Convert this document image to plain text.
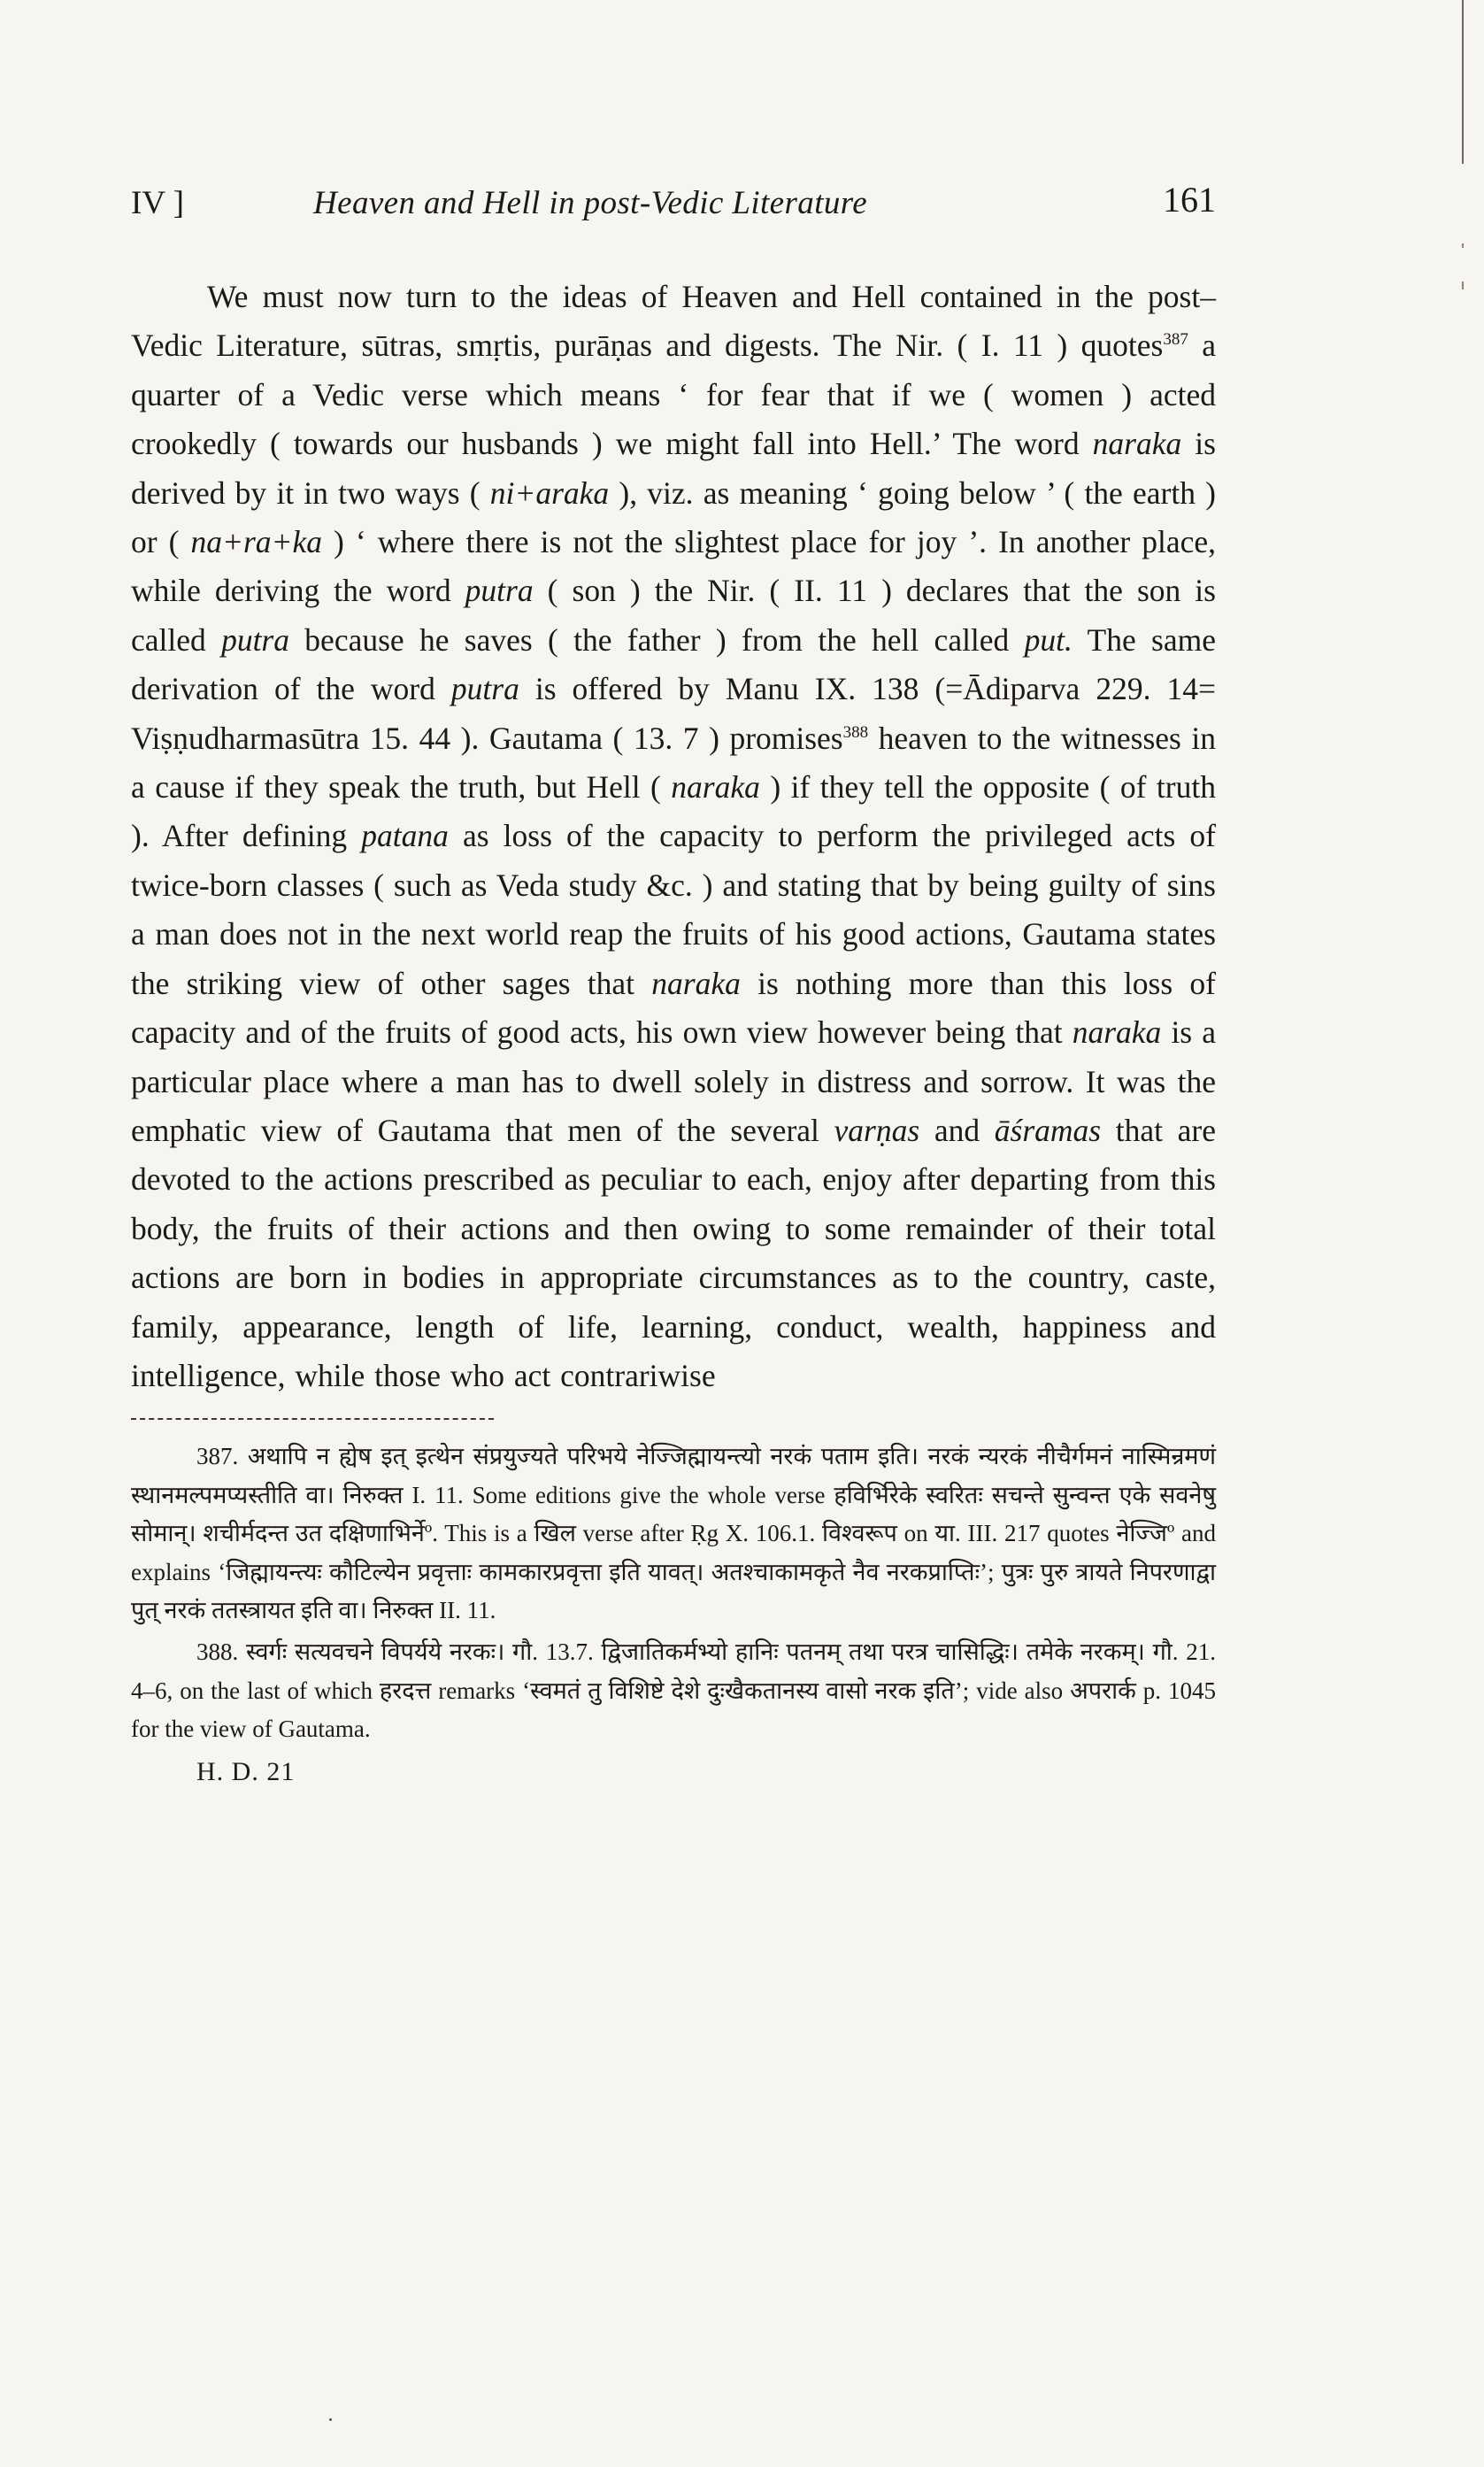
IV ]	Heaven and Hell in post-Vedic Literature	161

We must now turn to the ideas of Heaven and Hell contained in the post–Vedic Literature, sūtras, smṛtis, purāṇas and digests. The Nir. ( I. 11 ) quotes$^{387}$ a quarter of a Vedic verse which means ‘ for fear that if we ( women ) acted crookedly ( towards our husbands ) we might fall into Hell.’ The word naraka is derived by it in two ways ( ni+araka ), viz. as meaning ‘ going below ’ ( the earth ) or ( na+ra+ka ) ‘ where there is not the slightest place for joy ’. In another place, while deriving the word putra ( son ) the Nir. ( II. 11 ) declares that the son is called putra because he saves ( the father ) from the hell called put. The same derivation of the word putra is offered by Manu IX. 138 (=Ādiparva 229. 14= Viṣṇudharmasūtra 15. 44 ). Gautama ( 13. 7 ) promises$^{388}$ heaven to the witnesses in a cause if they speak the truth, but Hell ( naraka ) if they tell the opposite ( of truth ). After defining patana as loss of the capacity to perform the privileged acts of twice-born classes ( such as Veda study &c. ) and stating that by being guilty of sins a man does not in the next world reap the fruits of his good actions, Gautama states the striking view of other sages that naraka is nothing more than this loss of capacity and of the fruits of good acts, his own view however being that naraka is a particular place where a man has to dwell solely in distress and sorrow. It was the emphatic view of Gautama that men of the several varṇas and āśramas that are devoted to the actions prescribed as peculiar to each, enjoy after departing from this body, the fruits of their actions and then owing to some remainder of their total actions are born in bodies in appropriate circumstances as to the country, caste, family, appearance, length of life, learning, conduct, wealth, happiness and intelligence, while those who act contrariwise

387. अथापि न ह्येष इत् इत्थेन संप्रयुज्यते परिभये नेज्जिह्मायन्त्यो नरकं पताम इति। नरकं न्यरकं नीचैर्गमनं नास्मिन्रमणं स्थानमल्पमप्यस्तीति वा। निरुक्त I. 11. Some editions give the whole verse हविर्भिरेके स्वरितः सचन्ते सुन्वन्त एके सवनेषु सोमान्। शचीर्मदन्त उत दक्षिणाभिर्नेº. This is a खिल verse after Ṛg X. 106.1. विश्वरूप on या. III. 217 quotes नेज्जिº and explains ‘जिह्मायन्त्यः कौटिल्येन प्रवृत्ताः कामकारप्रवृत्ता इति यावत्। अतश्चाकामकृते नैव नरकप्राप्तिः’; पुत्रः पुरु त्रायते निपरणाद्वा पुत् नरकं ततस्त्रायत इति वा। निरुक्त II. 11.

388. स्वर्गः सत्यवचने विपर्यये नरकः। गौ. 13.7. द्विजातिकर्मभ्यो हानिः पतनम् तथा परत्र चासिद्धिः। तमेके नरकम्। गौ. 21. 4–6, on the last of which हरदत्त remarks ‘स्वमतं तु विशिष्टे देशे दुःखैकतानस्य वासो नरक इति’; vide also अपरार्क p. 1045 for the view of Gautama.

H. D. 21
